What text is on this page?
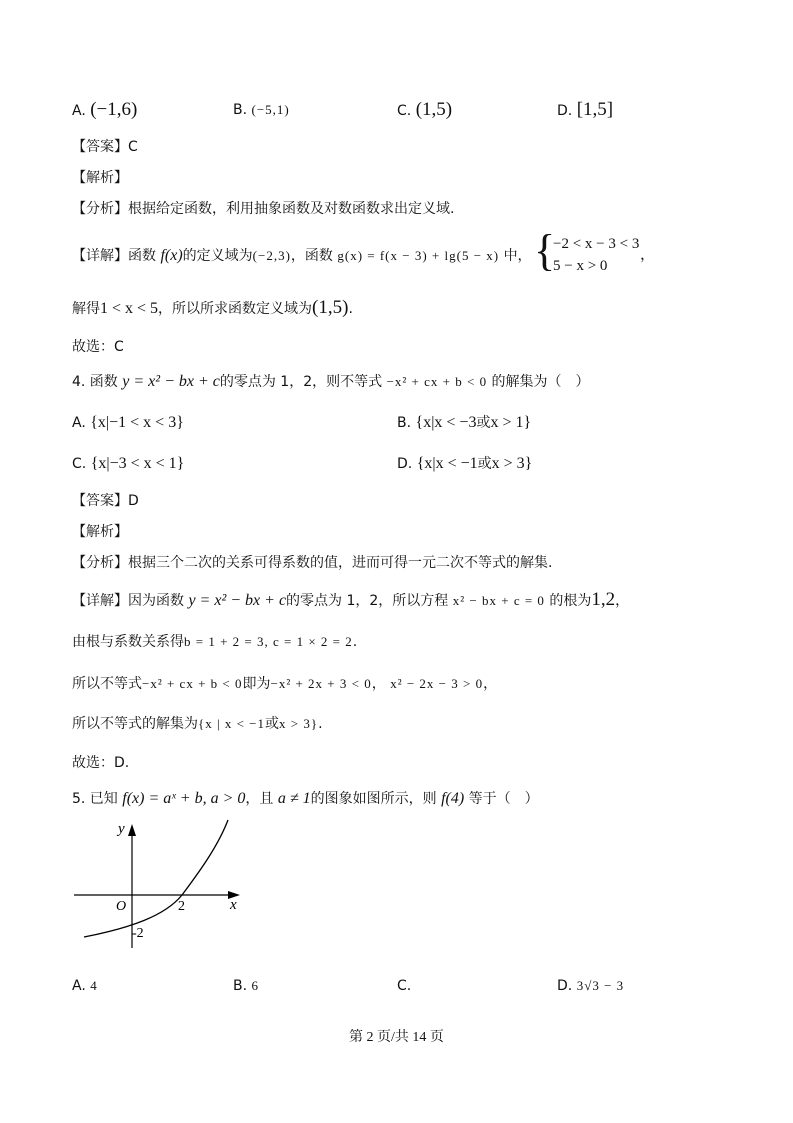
A. (−1,6)	B. (−5,1)	C. (1,5)	D. [1,5]
【答案】C
【解析】
【分析】根据给定函数，利用抽象函数及对数函数求出定义域.
【详解】函数 f(x)的定义域为(−2,3)，函数 g(x) = f(x − 3) + lg(5 − x) 中， {
−2 < x − 3 < 3
5 − x > 0
，
解得1 < x < 5，所以所求函数定义域为(1,5).
故选：C
4. 函数 y = x² − bx + c的零点为 1，2，则不等式 −x² + cx + b < 0 的解集为（　）
A. {x|−1 < x < 3}	B. {x|x < −3或x > 1}
C. {x|−3 < x < 1}	D. {x|x < −1或x > 3}
【答案】D
【解析】
【分析】根据三个二次的关系可得系数的值，进而可得一元二次不等式的解集.
【详解】因为函数 y = x² − bx + c的零点为 1，2，所以方程 x² − bx + c = 0 的根为1,2，
由根与系数关系得b = 1 + 2 = 3, c = 1 × 2 = 2.
所以不等式−x² + cx + b < 0即为−x² + 2x + 3 < 0， x² − 2x − 3 > 0，
所以不等式的解集为{x | x < −1或x > 3}.
故选：D.
5. 已知 f(x) = aˣ + b, a > 0，且 a ≠ 1的图象如图所示，则 f(4) 等于（　）
y
x
O	2
-2
A. 4	B. 6	C.	D. 3√3 − 3
第 2 页/共 14 页
